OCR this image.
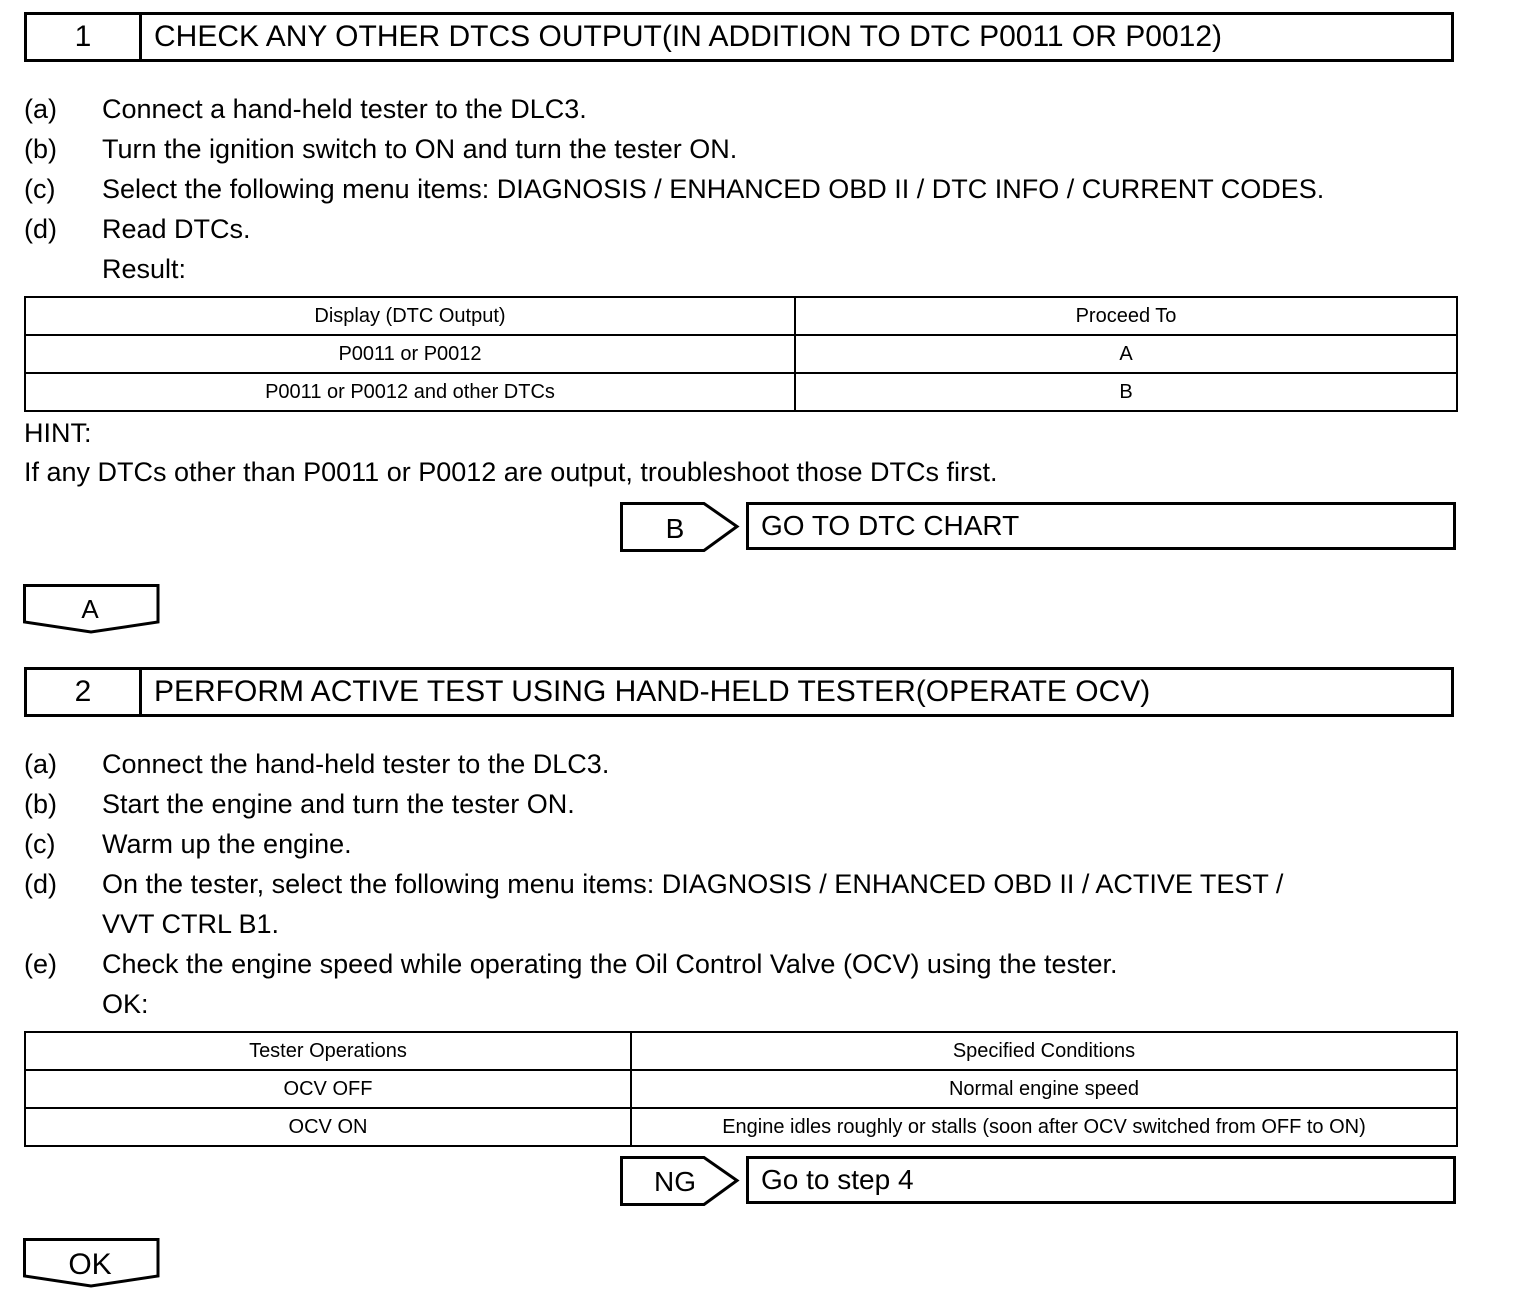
1	CHECK ANY OTHER DTCS OUTPUT(IN ADDITION TO DTC P0011 OR P0012)
(a) Connect a hand-held tester to the DLC3.
(b) Turn the ignition switch to ON and turn the tester ON.
(c) Select the following menu items: DIAGNOSIS / ENHANCED OBD II / DTC INFO / CURRENT CODES.
(d) Read DTCs.
Result:
Display (DTC Output)	Proceed To
P0011 or P0012	A
P0011 or P0012 and other DTCs	B
HINT:
If any DTCs other than P0011 or P0012 are output, troubleshoot those DTCs first.
B	GO TO DTC CHART
A
2	PERFORM ACTIVE TEST USING HAND-HELD TESTER(OPERATE OCV)
(a) Connect the hand-held tester to the DLC3.
(b) Start the engine and turn the tester ON.
(c) Warm up the engine.
(d) On the tester, select the following menu items: DIAGNOSIS / ENHANCED OBD II / ACTIVE TEST /
VVT CTRL B1.
(e) Check the engine speed while operating the Oil Control Valve (OCV) using the tester.
OK:
Tester Operations	Specified Conditions
OCV OFF	Normal engine speed
OCV ON	Engine idles roughly or stalls (soon after OCV switched from OFF to ON)
NG	Go to step 4
OK
